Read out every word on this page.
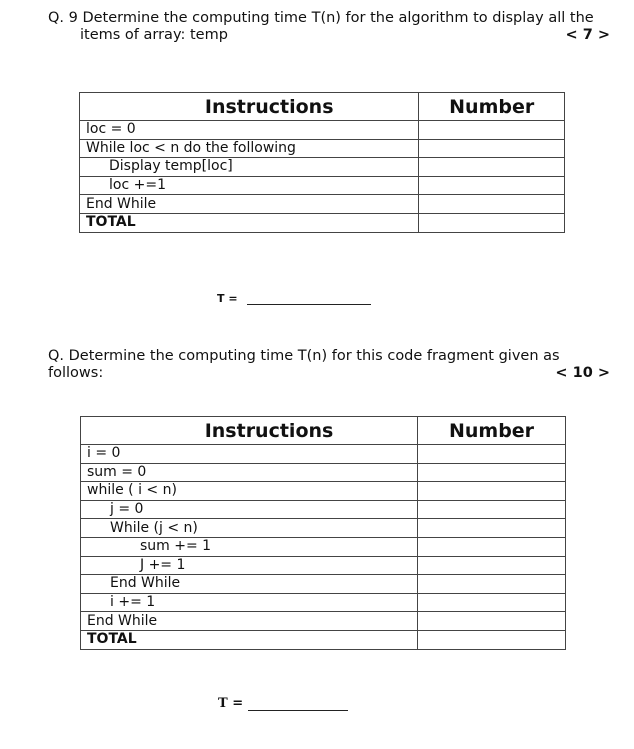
Q. 9 Determine the computing time T(n) for the algorithm to display all the
items of array: temp	< 7 >
Instructions	Number
loc = 0	
While loc < n do the following	
Display temp[loc]	
loc +=1	
End While	
TOTAL	
T =
Q. Determine the computing time T(n) for this code fragment given as follows:	< 10 >
Instructions	Number
i = 0	
sum = 0	
while ( i < n)	
j = 0	
While (j < n)	
sum += 1	
J += 1	
End While	
i += 1	
End While	
TOTAL	
T =
